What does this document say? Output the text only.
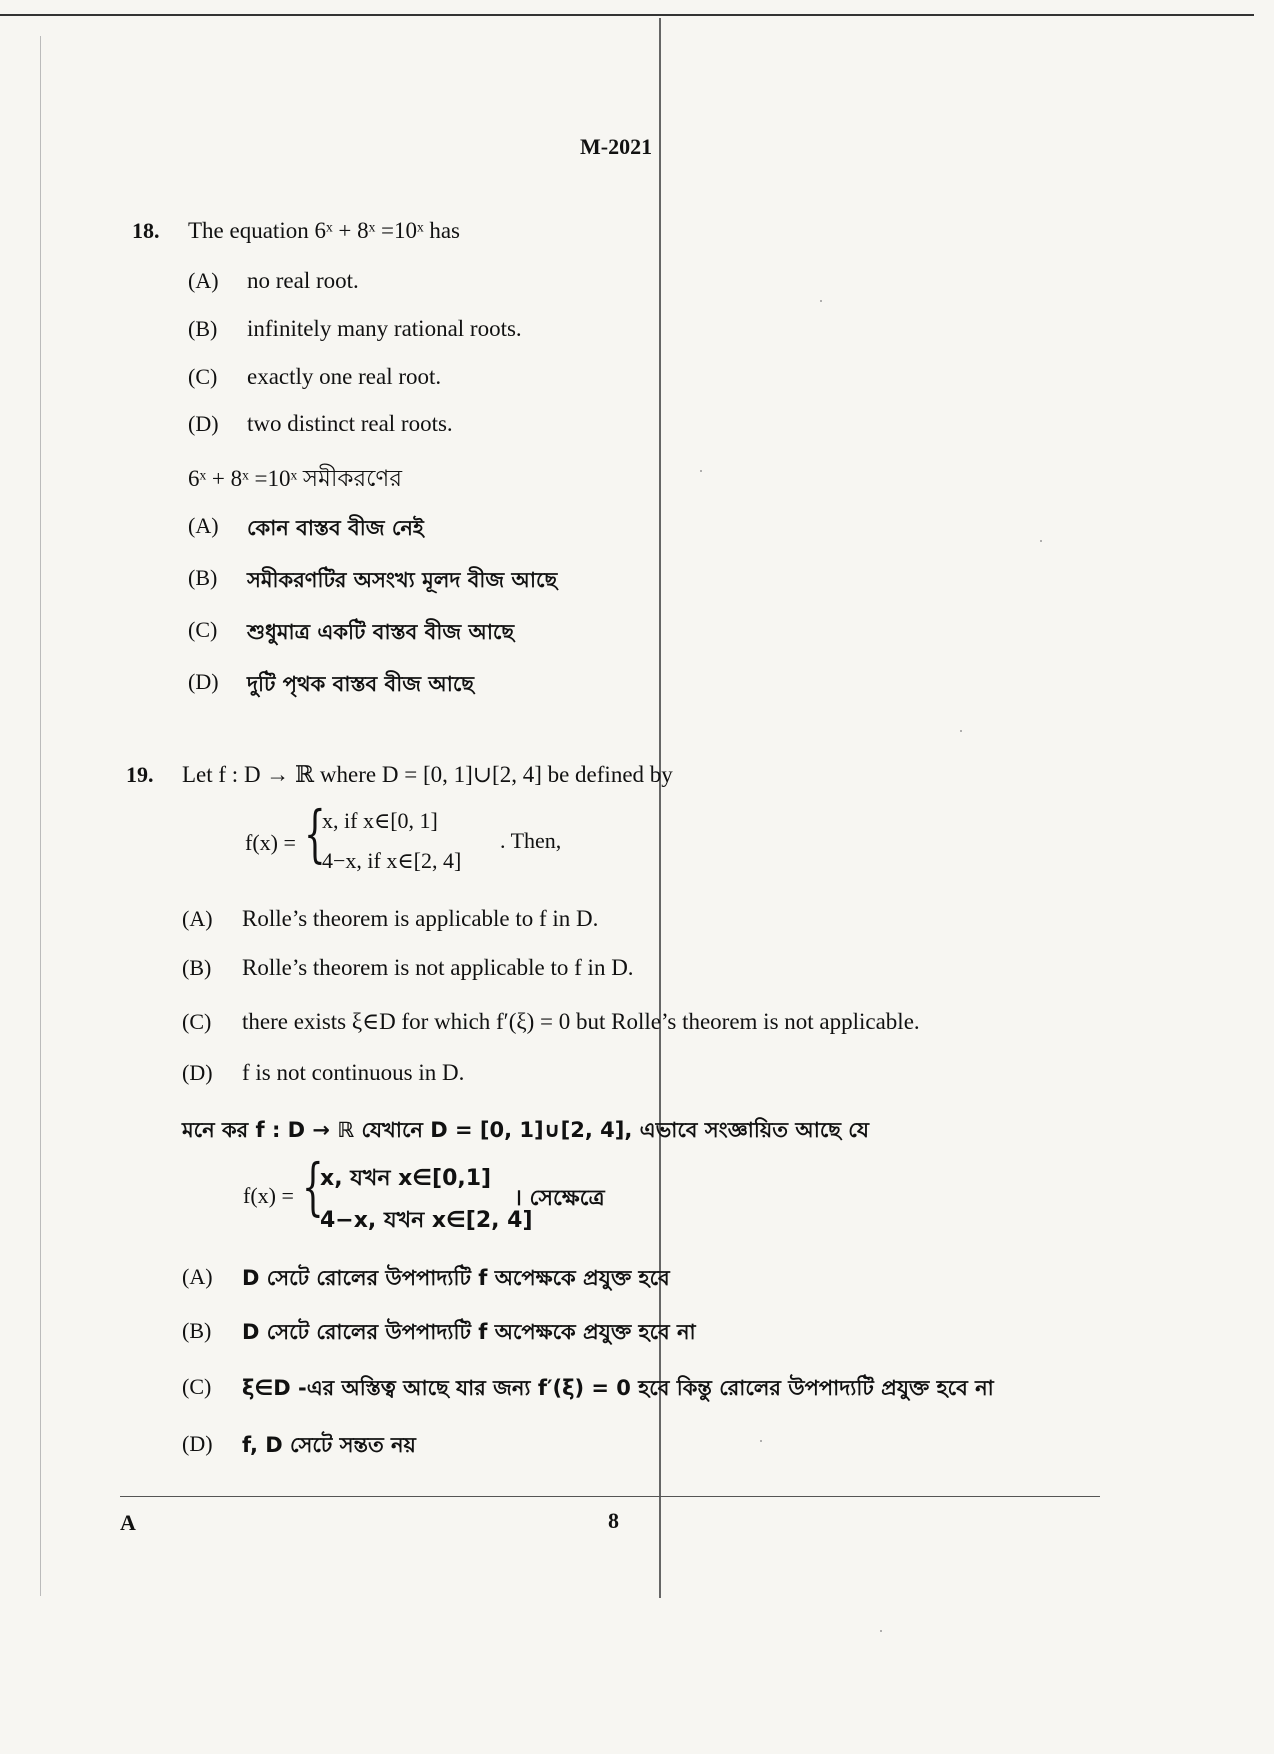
M-2021
18. The equation 6ˣ + 8ˣ =10ˣ has
(A) no real root.
(B) infinitely many rational roots.
(C) exactly one real root.
(D) two distinct real roots.
6ˣ + 8ˣ =10ˣ সমীকরণের
(A) কোন বাস্তব বীজ নেই
(B) সমীকরণটির অসংখ্য মূলদ বীজ আছে
(C) শুধুমাত্র একটি বাস্তব বীজ আছে
(D) দুটি পৃথক বাস্তব বীজ আছে
19. Let f : D → ℝ where D = [0, 1]∪[2, 4] be defined by
f(x) = {
x, if x∈[0, 1]
4−x, if x∈[2, 4]
. Then,
(A) Rolle’s theorem is applicable to f in D.
(B) Rolle’s theorem is not applicable to f in D.
(C) there exists ξ∈D for which f′(ξ) = 0 but Rolle’s theorem is not applicable.
(D) f is not continuous in D.
মনে কর f : D → ℝ যেখানে D = [0, 1]∪[2, 4], এভাবে সংজ্ঞায়িত আছে যে
f(x) = {
x, যখন x∈[0,1]
4−x, যখন x∈[2, 4]
। সেক্ষেত্রে
(A) D সেটে রোলের উপপাদ্যটি f অপেক্ষকে প্রযুক্ত হবে
(B) D সেটে রোলের উপপাদ্যটি f অপেক্ষকে প্রযুক্ত হবে না
(C) ξ∈D -এর অস্তিত্ব আছে যার জন্য f′(ξ) = 0 হবে কিন্তু রোলের উপপাদ্যটি প্রযুক্ত হবে না
(D) f, D সেটে সন্তত নয়
A	8
